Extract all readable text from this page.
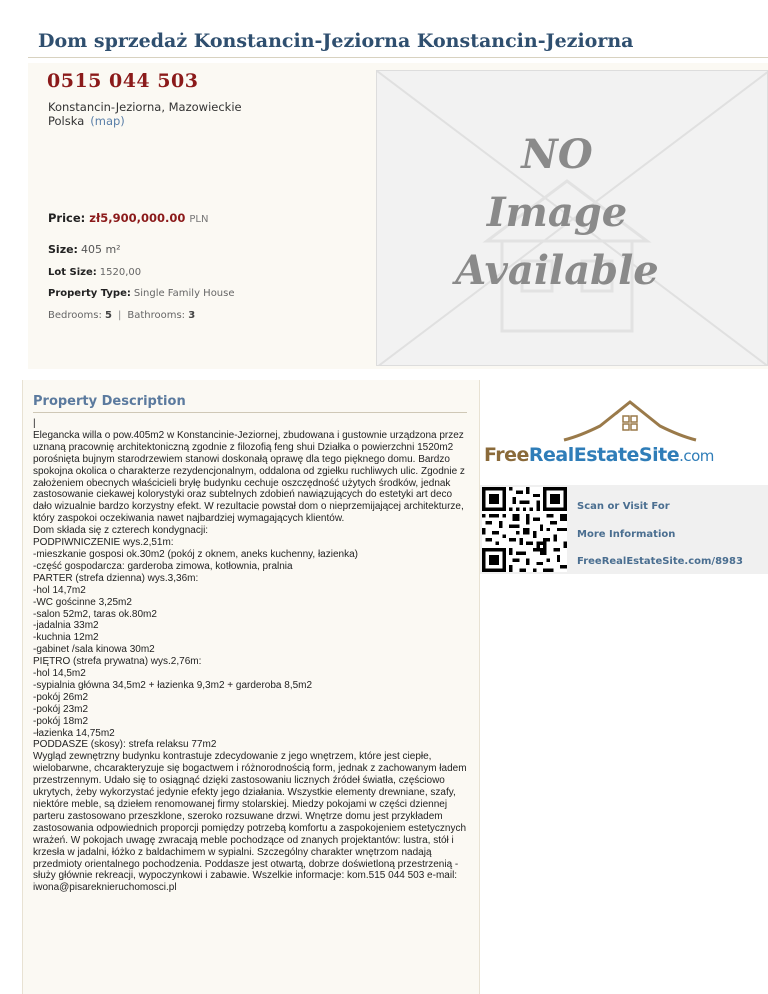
Dom sprzedaż Konstancin-Jeziorna Konstancin-Jeziorna
0515 044 503
Konstancin-Jeziorna, Mazowieckie
Polska (map)
Price: zł5,900,000.00 PLN
Size: 405 m²
Lot Size: 1520,00
Property Type: Single Family House
Bedrooms: 5 | Bathrooms: 3
NO
Image
Available
Property Description
|
Elegancka willa o pow.405m2 w Konstancinie-Jeziornej, zbudowana i gustownie urządzona przez uznaną pracownię architektoniczną zgodnie z filozofią feng shui Działka o powierzchni 1520m2 porośnięta bujnym starodrzewiem stanowi doskonałą oprawę dla tego pięknego domu. Bardzo spokojna okolica o charakterze rezydencjonalnym, oddalona od zgiełku ruchliwych ulic. Zgodnie z założeniem obecnych właścicieli bryłę budynku cechuje oszczędność użytych środków, jednak zastosowanie ciekawej kolorystyki oraz subtelnych zdobień nawiązujących do estetyki art deco dało wizualnie bardzo korzystny efekt. W rezultacie powstał dom o nieprzemijającej architekturze, który zaspokoi oczekiwania nawet najbardziej wymagających klientów.
Dom składa się z czterech kondygnacji:
PODPIWNICZENIE wys.2,51m:
-mieszkanie gosposi ok.30m2 (pokój z oknem, aneks kuchenny, łazienka)
-część gospodarcza: garderoba zimowa, kotłownia, pralnia
PARTER (strefa dzienna) wys.3,36m:
-hol 14,7m2
-WC gościnne 3,25m2
-salon 52m2, taras ok.80m2
-jadalnia 33m2
-kuchnia 12m2
-gabinet /sala kinowa 30m2
PIĘTRO (strefa prywatna) wys.2,76m:
-hol 14,5m2
-sypialnia główna 34,5m2 + łazienka 9,3m2 + garderoba 8,5m2
-pokój 26m2
-pokój 23m2
-pokój 18m2
-łazienka 14,75m2
PODDASZE (skosy): strefa relaksu 77m2
Wygląd zewnętrzny budynku kontrastuje zdecydowanie z jego wnętrzem, które jest ciepłe, wielobarwne, chcarakteryzuje się bogactwem i różnorodnością form, jednak z zachowanym ładem przestrzennym. Udało się to osiągnąć dzięki zastosowaniu licznych źródeł światła, częściowo ukrytych, żeby wykorzystać jedynie efekty jego działania. Wszystkie elementy drewniane, szafy, niektóre meble, są dziełem renomowanej firmy stolarskiej. Miedzy pokojami w części dziennej parteru zastosowano przeszklone, szeroko rozsuwane drzwi. Wnętrze domu jest przykładem zastosowania odpowiednich proporcji pomiędzy potrzebą komfortu a zaspokojeniem estetycznych wrażeń. W pokojach uwagę zwracają meble pochodzące od znanych projektantów: lustra, stół i krzesła w jadalni, łóżko z baldachimem w sypialni. Szczególny charakter wnętrzom nadają przedmioty orientalnego pochodzenia. Poddasze jest otwartą, dobrze doświetloną przestrzenią - służy głównie rekreacji, wypoczynkowi i zabawie. Wszelkie informacje: kom.515 044 503 e-mail: iwona@pisareknieruchomosci.pl
FreeRealEstateSite.com
Scan or Visit For
More Information
FreeRealEstateSite.com/8983
